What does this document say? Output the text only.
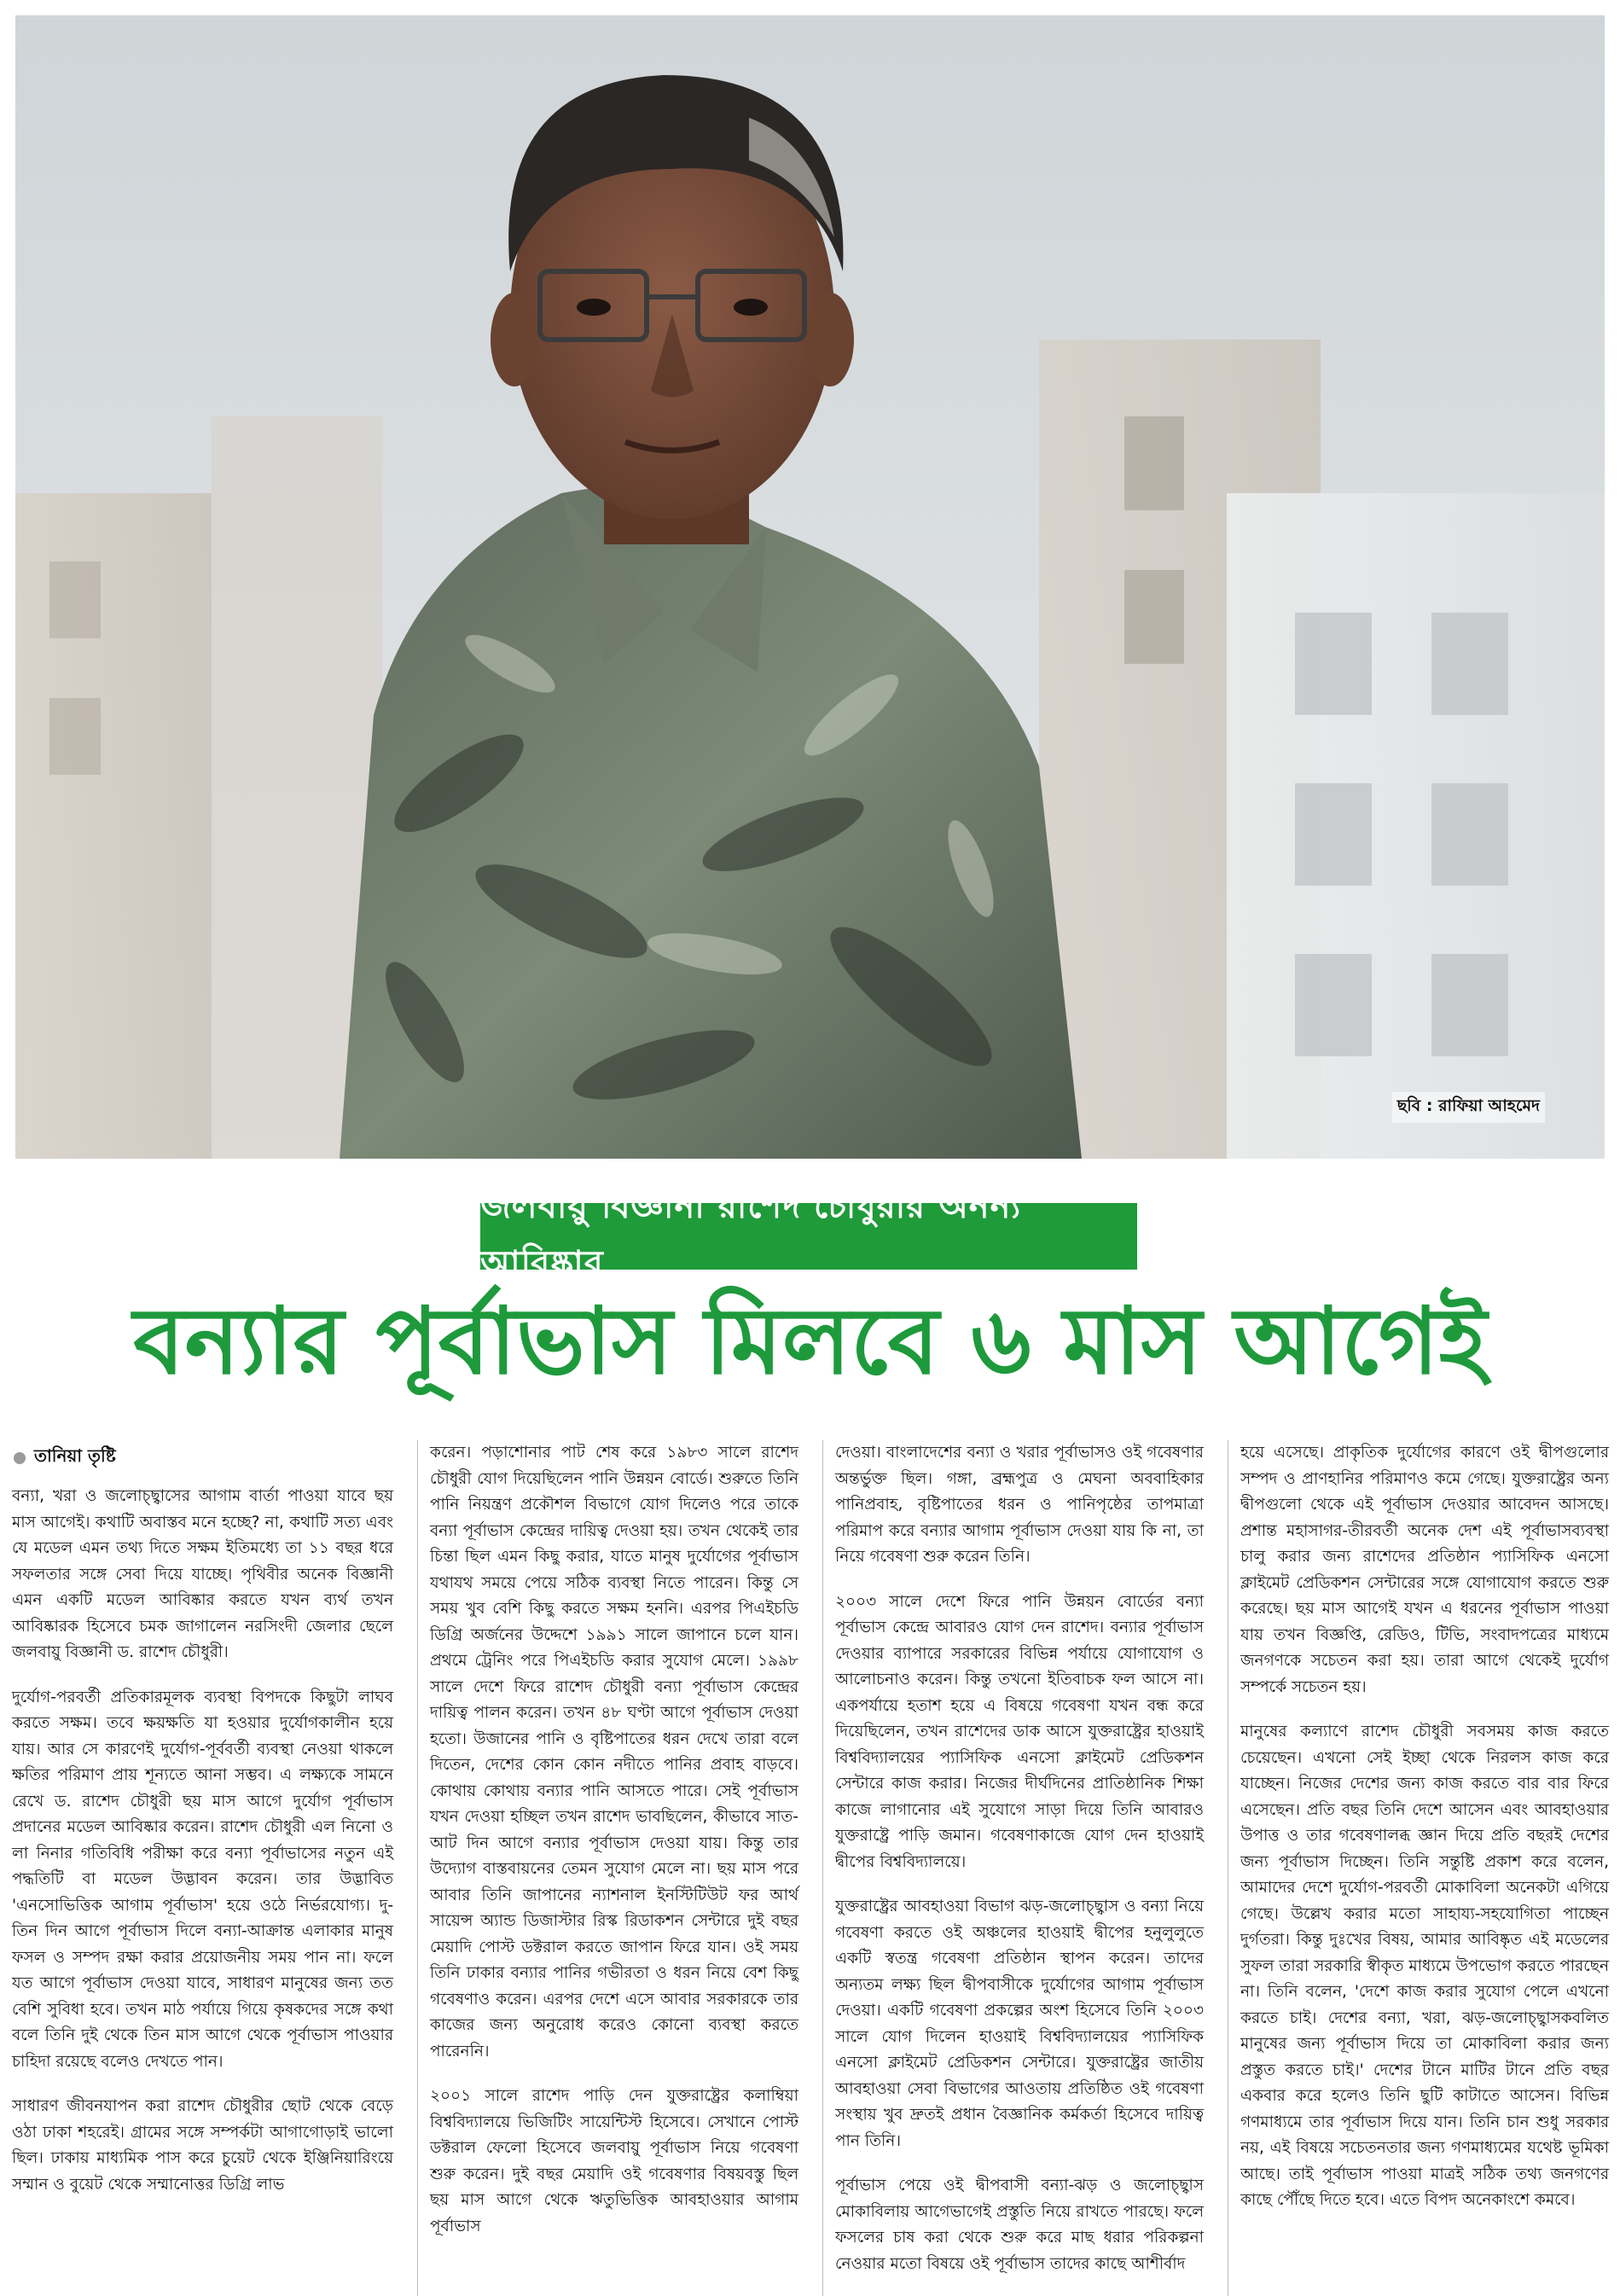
ছবি : রাফিয়া আহমেদ
জলবায়ু বিজ্ঞানী রাশেদ চৌধুরীর অনন্য আবিষ্কার
বন্যার পূর্বাভাস মিলবে ৬ মাস আগেই
তানিয়া তৃষ্টি

বন্যা, খরা ও জলোচ্ছ্বাসের আগাম বার্তা পাওয়া যাবে ছয় মাস আগেই। কথাটি অবাস্তব মনে হচ্ছে? না, কথাটি সত্য এবং যে মডেল এমন তথ্য দিতে সক্ষম ইতিমধ্যে তা ১১ বছর ধরে সফলতার সঙ্গে সেবা দিয়ে যাচ্ছে। পৃথিবীর অনেক বিজ্ঞানী এমন একটি মডেল আবিষ্কার করতে যখন ব্যর্থ তখন আবিষ্কারক হিসেবে চমক জাগালেন নরসিংদী জেলার ছেলে জলবায়ু বিজ্ঞানী ড. রাশেদ চৌধুরী।

দুর্যোগ-পরবর্তী প্রতিকারমূলক ব্যবস্থা বিপদকে কিছুটা লাঘব করতে সক্ষম। তবে ক্ষয়ক্ষতি যা হওয়ার দুর্যোগকালীন হয়ে যায়। আর সে কারণেই দুর্যোগ-পূর্ববর্তী ব্যবস্থা নেওয়া থাকলে ক্ষতির পরিমাণ প্রায় শূন্যতে আনা সম্ভব। এ লক্ষ্যকে সামনে রেখে ড. রাশেদ চৌধুরী ছয় মাস আগে দুর্যোগ পূর্বাভাস প্রদানের মডেল আবিষ্কার করেন। রাশেদ চৌধুরী এল নিনো ও লা নিনার গতিবিধি পরীক্ষা করে বন্যা পূর্বাভাসের নতুন এই পদ্ধতিটি বা মডেল উদ্ভাবন করেন। তার উদ্ভাবিত 'এনসোভিত্তিক আগাম পূর্বাভাস' হয়ে ওঠে নির্ভরযোগ্য। দু-তিন দিন আগে পূর্বাভাস দিলে বন্যা-আক্রান্ত এলাকার মানুষ ফসল ও সম্পদ রক্ষা করার প্রয়োজনীয় সময় পান না। ফলে যত আগে পূর্বাভাস দেওয়া যাবে, সাধারণ মানুষের জন্য তত বেশি সুবিধা হবে। তখন মাঠ পর্যায়ে গিয়ে কৃষকদের সঙ্গে কথা বলে তিনি দুই থেকে তিন মাস আগে থেকে পূর্বাভাস পাওয়ার চাহিদা রয়েছে বলেও দেখতে পান।

সাধারণ জীবনযাপন করা রাশেদ চৌধুরীর ছোট থেকে বেড়ে ওঠা ঢাকা শহরেই। গ্রামের সঙ্গে সম্পর্কটা আগাগোড়াই ভালো ছিল। ঢাকায় মাধ্যমিক পাস করে চুয়েট থেকে ইঞ্জিনিয়ারিংয়ে সম্মান ও বুয়েট থেকে সম্মানোত্তর ডিগ্রি লাভ

করেন। পড়াশোনার পাট শেষ করে ১৯৮৩ সালে রাশেদ চৌধুরী যোগ দিয়েছিলেন পানি উন্নয়ন বোর্ডে। শুরুতে তিনি পানি নিয়ন্ত্রণ প্রকৌশল বিভাগে যোগ দিলেও পরে তাকে বন্যা পূর্বাভাস কেন্দ্রের দায়িত্ব দেওয়া হয়। তখন থেকেই তার চিন্তা ছিল এমন কিছু করার, যাতে মানুষ দুর্যোগের পূর্বাভাস যথাযথ সময়ে পেয়ে সঠিক ব্যবস্থা নিতে পারেন। কিন্তু সে সময় খুব বেশি কিছু করতে সক্ষম হননি। এরপর পিএইচডি ডিগ্রি অর্জনের উদ্দেশে ১৯৯১ সালে জাপানে চলে যান। প্রথমে ট্রেনিং পরে পিএইচডি করার সুযোগ মেলে। ১৯৯৮ সালে দেশে ফিরে রাশেদ চৌধুরী বন্যা পূর্বাভাস কেন্দ্রের দায়িত্ব পালন করেন। তখন ৪৮ ঘণ্টা আগে পূর্বাভাস দেওয়া হতো। উজানের পানি ও বৃষ্টিপাতের ধরন দেখে তারা বলে দিতেন, দেশের কোন কোন নদীতে পানির প্রবাহ বাড়বে। কোথায় কোথায় বন্যার পানি আসতে পারে। সেই পূর্বাভাস যখন দেওয়া হচ্ছিল তখন রাশেদ ভাবছিলেন, কীভাবে সাত-আট দিন আগে বন্যার পূর্বাভাস দেওয়া যায়। কিন্তু তার উদ্যোগ বাস্তবায়নের তেমন সুযোগ মেলে না। ছয় মাস পরে আবার তিনি জাপানের ন্যাশনাল ইনস্টিটিউট ফর আর্থ সায়েন্স অ্যান্ড ডিজাস্টার রিস্ক রিডাকশন সেন্টারে দুই বছর মেয়াদি পোস্ট ডক্টরাল করতে জাপান ফিরে যান। ওই সময় তিনি ঢাকার বন্যার পানির গভীরতা ও ধরন নিয়ে বেশ কিছু গবেষণাও করেন। এরপর দেশে এসে আবার সরকারকে তার কাজের জন্য অনুরোধ করেও কোনো ব্যবস্থা করতে পারেননি।

২০০১ সালে রাশেদ পাড়ি দেন যুক্তরাষ্ট্রের কলাম্বিয়া বিশ্ববিদ্যালয়ে ভিজিটিং সায়েন্টিস্ট হিসেবে। সেখানে পোস্ট ডক্টরাল ফেলো হিসেবে জলবায়ু পূর্বাভাস নিয়ে গবেষণা শুরু করেন। দুই বছর মেয়াদি ওই গবেষণার বিষয়বস্তু ছিল ছয় মাস আগে থেকে ঋতুভিত্তিক আবহাওয়ার আগাম পূর্বাভাস

দেওয়া। বাংলাদেশের বন্যা ও খরার পূর্বাভাসও ওই গবেষণার অন্তর্ভুক্ত ছিল। গঙ্গা, ব্রহ্মপুত্র ও মেঘনা অববাহিকার পানিপ্রবাহ, বৃষ্টিপাতের ধরন ও পানিপৃষ্ঠের তাপমাত্রা পরিমাপ করে বন্যার আগাম পূর্বাভাস দেওয়া যায় কি না, তা নিয়ে গবেষণা শুরু করেন তিনি।

২০০৩ সালে দেশে ফিরে পানি উন্নয়ন বোর্ডের বন্যা পূর্বাভাস কেন্দ্রে আবারও যোগ দেন রাশেদ। বন্যার পূর্বাভাস দেওয়ার ব্যাপারে সরকারের বিভিন্ন পর্যায়ে যোগাযোগ ও আলোচনাও করেন। কিন্তু তখনো ইতিবাচক ফল আসে না। একপর্যায়ে হতাশ হয়ে এ বিষয়ে গবেষণা যখন বন্ধ করে দিয়েছিলেন, তখন রাশেদের ডাক আসে যুক্তরাষ্ট্রের হাওয়াই বিশ্ববিদ্যালয়ের প্যাসিফিক এনসো ক্লাইমেট প্রেডিকশন সেন্টারে কাজ করার। নিজের দীর্ঘদিনের প্রাতিষ্ঠানিক শিক্ষা কাজে লাগানোর এই সুযোগে সাড়া দিয়ে তিনি আবারও যুক্তরাষ্ট্রে পাড়ি জমান। গবেষণাকাজে যোগ দেন হাওয়াই দ্বীপের বিশ্ববিদ্যালয়ে।

যুক্তরাষ্ট্রের আবহাওয়া বিভাগ ঝড়-জলোচ্ছ্বাস ও বন্যা নিয়ে গবেষণা করতে ওই অঞ্চলের হাওয়াই দ্বীপের হনুলুলুতে একটি স্বতন্ত্র গবেষণা প্রতিষ্ঠান স্থাপন করেন। তাদের অন্যতম লক্ষ্য ছিল দ্বীপবাসীকে দুর্যোগের আগাম পূর্বাভাস দেওয়া। একটি গবেষণা প্রকল্পের অংশ হিসেবে তিনি ২০০৩ সালে যোগ দিলেন হাওয়াই বিশ্ববিদ্যালয়ের প্যাসিফিক এনসো ক্লাইমেট প্রেডিকশন সেন্টারে। যুক্তরাষ্ট্রের জাতীয় আবহাওয়া সেবা বিভাগের আওতায় প্রতিষ্ঠিত ওই গবেষণা সংস্থায় খুব দ্রুতই প্রধান বৈজ্ঞানিক কর্মকর্তা হিসেবে দায়িত্ব পান তিনি।

পূর্বাভাস পেয়ে ওই দ্বীপবাসী বন্যা-ঝড় ও জলোচ্ছ্বাস মোকাবিলায় আগেভাগেই প্রস্তুতি নিয়ে রাখতে পারছে। ফলে ফসলের চাষ করা থেকে শুরু করে মাছ ধরার পরিকল্পনা নেওয়ার মতো বিষয়ে ওই পূর্বাভাস তাদের কাছে আশীর্বাদ

হয়ে এসেছে। প্রাকৃতিক দুর্যোগের কারণে ওই দ্বীপগুলোর সম্পদ ও প্রাণহানির পরিমাণও কমে গেছে। যুক্তরাষ্ট্রের অন্য দ্বীপগুলো থেকে এই পূর্বাভাস দেওয়ার আবেদন আসছে। প্রশান্ত মহাসাগর-তীরবর্তী অনেক দেশ এই পূর্বাভাসব্যবস্থা চালু করার জন্য রাশেদের প্রতিষ্ঠান প্যাসিফিক এনসো ক্লাইমেট প্রেডিকশন সেন্টারের সঙ্গে যোগাযোগ করতে শুরু করেছে। ছয় মাস আগেই যখন এ ধরনের পূর্বাভাস পাওয়া যায় তখন বিজ্ঞপ্তি, রেডিও, টিভি, সংবাদপত্রের মাধ্যমে জনগণকে সচেতন করা হয়। তারা আগে থেকেই দুর্যোগ সম্পর্কে সচেতন হয়।

মানুষের কল্যাণে রাশেদ চৌধুরী সবসময় কাজ করতে চেয়েছেন। এখনো সেই ইচ্ছা থেকে নিরলস কাজ করে যাচ্ছেন। নিজের দেশের জন্য কাজ করতে বার বার ফিরে এসেছেন। প্রতি বছর তিনি দেশে আসেন এবং আবহাওয়ার উপাত্ত ও তার গবেষণালব্ধ জ্ঞান দিয়ে প্রতি বছরই দেশের জন্য পূর্বাভাস দিচ্ছেন। তিনি সন্তুষ্টি প্রকাশ করে বলেন, আমাদের দেশে দুর্যোগ-পরবর্তী মোকাবিলা অনেকটা এগিয়ে গেছে। উল্লেখ করার মতো সাহায্য-সহযোগিতা পাচ্ছেন দুর্গতরা। কিন্তু দুঃখের বিষয়, আমার আবিষ্কৃত এই মডেলের সুফল তারা সরকারি স্বীকৃত মাধ্যমে উপভোগ করতে পারছেন না। তিনি বলেন, 'দেশে কাজ করার সুযোগ পেলে এখনো করতে চাই। দেশের বন্যা, খরা, ঝড়-জলোচ্ছ্বাসকবলিত মানুষের জন্য পূর্বাভাস দিয়ে তা মোকাবিলা করার জন্য প্রস্তুত করতে চাই।' দেশের টানে মাটির টানে প্রতি বছর একবার করে হলেও তিনি ছুটি কাটাতে আসেন। বিভিন্ন গণমাধ্যমে তার পূর্বাভাস দিয়ে যান। তিনি চান শুধু সরকার নয়, এই বিষয়ে সচেতনতার জন্য গণমাধ্যমের যথেষ্ট ভূমিকা আছে। তাই পূর্বাভাস পাওয়া মাত্রই সঠিক তথ্য জনগণের কাছে পৌঁছে দিতে হবে। এতে বিপদ অনেকাংশে কমবে।
